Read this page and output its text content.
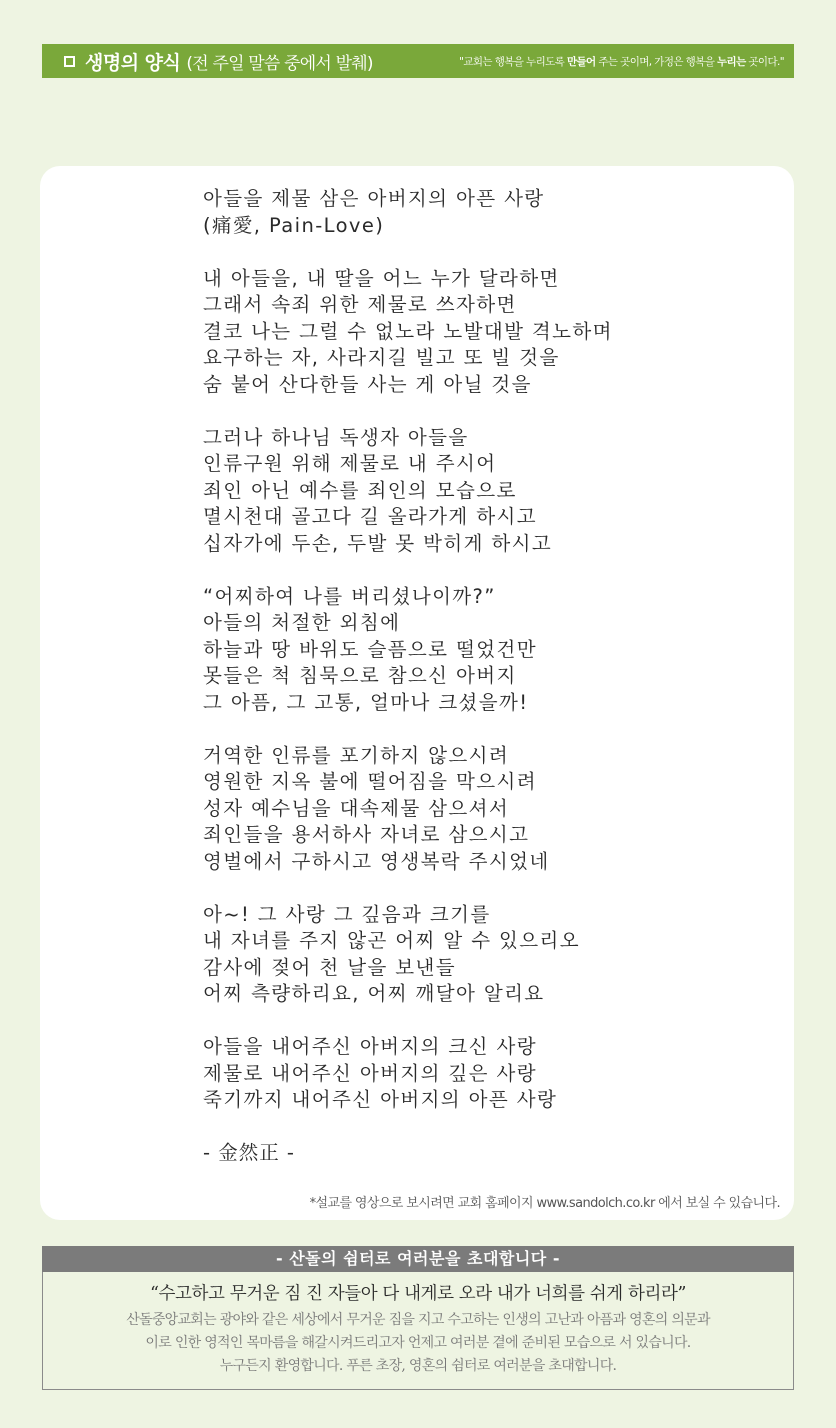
생명의 양식 (전 주일 말씀 중에서 발췌)	"교회는 행복을 누리도록 만들어 주는 곳이며, 가정은 행복을 누리는 곳이다."
아들을 제물 삼은 아버지의 아픈 사랑
(痛愛, Pain-Love)
내 아들을, 내 딸을 어느 누가 달라하면
그래서 속죄 위한 제물로 쓰자하면
결코 나는 그럴 수 없노라 노발대발 격노하며
요구하는 자, 사라지길 빌고 또 빌 것을
숨 붙어 산다한들 사는 게 아닐 것을
그러나 하나님 독생자 아들을
인류구원 위해 제물로 내 주시어
죄인 아닌 예수를 죄인의 모습으로
멸시천대 골고다 길 올라가게 하시고
십자가에 두손, 두발 못 박히게 하시고
“어찌하여 나를 버리셨나이까?”
아들의 처절한 외침에
하늘과 땅 바위도 슬픔으로 떨었건만
못들은 척 침묵으로 참으신 아버지
그 아픔, 그 고통, 얼마나 크셨을까!
거역한 인류를 포기하지 않으시려
영원한 지옥 불에 떨어짐을 막으시려
성자 예수님을 대속제물 삼으셔서
죄인들을 용서하사 자녀로 삼으시고
영벌에서 구하시고 영생복락 주시었네
아~! 그 사랑 그 깊음과 크기를
내 자녀를 주지 않곤 어찌 알 수 있으리오
감사에 젖어 천 날을 보낸들
어찌 측량하리요, 어찌 깨달아 알리요
아들을 내어주신 아버지의 크신 사랑
제물로 내어주신 아버지의 깊은 사랑
죽기까지 내어주신 아버지의 아픈 사랑
- 金然正 -
*설교를 영상으로 보시려면 교회 홈페이지 www.sandolch.co.kr 에서 보실 수 있습니다.
- 산돌의 쉼터로 여러분을 초대합니다 -
“수고하고 무거운 짐 진 자들아 다 내게로 오라 내가 너희를 쉬게 하리라”
산돌중앙교회는 광야와 같은 세상에서 무거운 짐을 지고 수고하는 인생의 고난과 아픔과 영혼의 의문과
이로 인한 영적인 목마름을 해갈시켜드리고자 언제고 여러분 곁에 준비된 모습으로 서 있습니다.
누구든지 환영합니다. 푸른 초장, 영혼의 쉼터로 여러분을 초대합니다.
